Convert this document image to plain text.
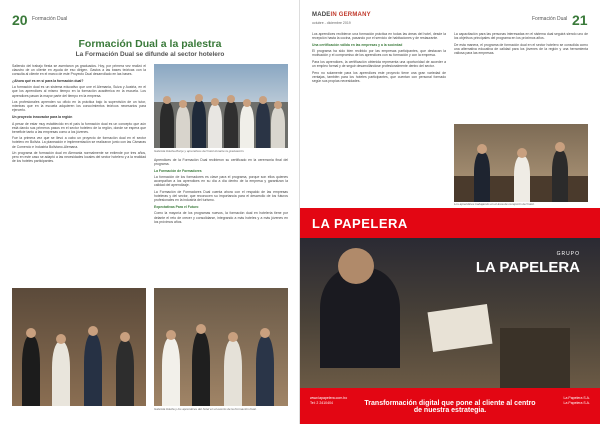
20 Formación Dual
Formación Dual a la palestra
La Formación Dual se difunde al sector hotelero

Saliendo del trabajo fiesta se asentaron ya graduados. Hoy, por primera vez realizó el claustro de un cliente en ayuda de eso dirigen. Gastos a las bases teóricas con la consulta al cliente en el marco de este Proyecto Dual desarrollado en las bases.

¿Ahora qué es en sí para la formación dual?

La formación dual es un sistema educativo que une el Alemania, Suiza y Austria, en el que los aprendices al mismo tiempo en la formación académica en la escuela. Los aprendices pasan la mayor parte del tiempo en la empresa.

Los profesionales aprenden su oficio en la práctica bajo la supervisión de un tutor, mientras que en la escuela adquieren los conocimientos teóricos necesarios para ejercerlo.

Un proyecto innovador para la región

A pesar de estar muy establecido en el país la formación dual es un concepto que aún está dando sus primeros pasos en el sector hotelero de la región, donde se espera que beneficie tanto a las empresas como a los jóvenes.

Fue la primera vez que se llevó a cabo un proyecto de formación dual en el sector hotelero en Bolivia. La planeación e implementación se realizaron junto con las Cámaras de Comercio e Industria Boliviano-Alemana.

Un programa de formación dual en Alemania normalmente se extiende por tres años, pero en este caso se adaptó a las necesidades locales del sector hotelero y a la realidad de los hoteles participantes.

Gabriela Dávila-Monje y aprendices del hotel durante la graduación.

Aprendices de la Formación Dual recibieron su certificado en la ceremonia final del programa.

La Formación de Formadores

La formación de los formadores es clave para el programa, porque son ellos quienes acompañan a los aprendices en su día a día dentro de la empresa y garantizan la calidad del aprendizaje.

La Formación de Formadores Dual cuenta ahora con el respaldo de las empresas hoteleras y del sector, que reconocen su importancia para el desarrollo de los futuros profesionales en la industria del turismo.

Expectativas Para el Futuro

Como la mayoría de los programas nuevos, la formación dual en hotelería tiene por delante el reto de crecer y consolidarse, integrando a más hoteles y a más jóvenes en los próximos años.

Gabriela Dávila y los aprendices del hotel en el evento de la Formación Dual.
MADEIN GERMANY
octubre - diciembre 2019
Formación Dual 21

Los aprendices recibieron una formación práctica en todas las áreas del hotel, desde la recepción hasta la cocina, pasando por el servicio de habitaciones y de restaurante.

Una certificación válida en las empresas y a la sociedad

El programa ha sido bien recibido por las empresas participantes, que destacan la motivación y el compromiso de los aprendices con su formación y con la empresa.

Para los aprendices, la certificación obtenida representa una oportunidad de acceder a un empleo formal y de seguir desarrollándose profesionalmente dentro del sector.

Pero no solamente para los aprendices este proyecto tiene una gran variedad de ventajas, también para los hoteles participantes, que cuentan con personal formado según sus propias necesidades.

La capacitación para las personas interesadas en el sistema dual seguirá siendo uno de los objetivos principales del programa en los próximos años.

De esta manera, el programa de formación dual en el sector hotelero se consolida como una alternativa educativa de calidad para los jóvenes de la región y una herramienta valiosa para las empresas.

Los aprendices trabajando en el área de recepción del hotel.
LA PAPELERA
GRUPO
LA PAPELERA
www.lapapelera.com.bo
Tel: 2 2410404	Transformación digital que pone al cliente al centro de nuestra estrategia.
La Papelera S.A.
La Papelera S.A.
